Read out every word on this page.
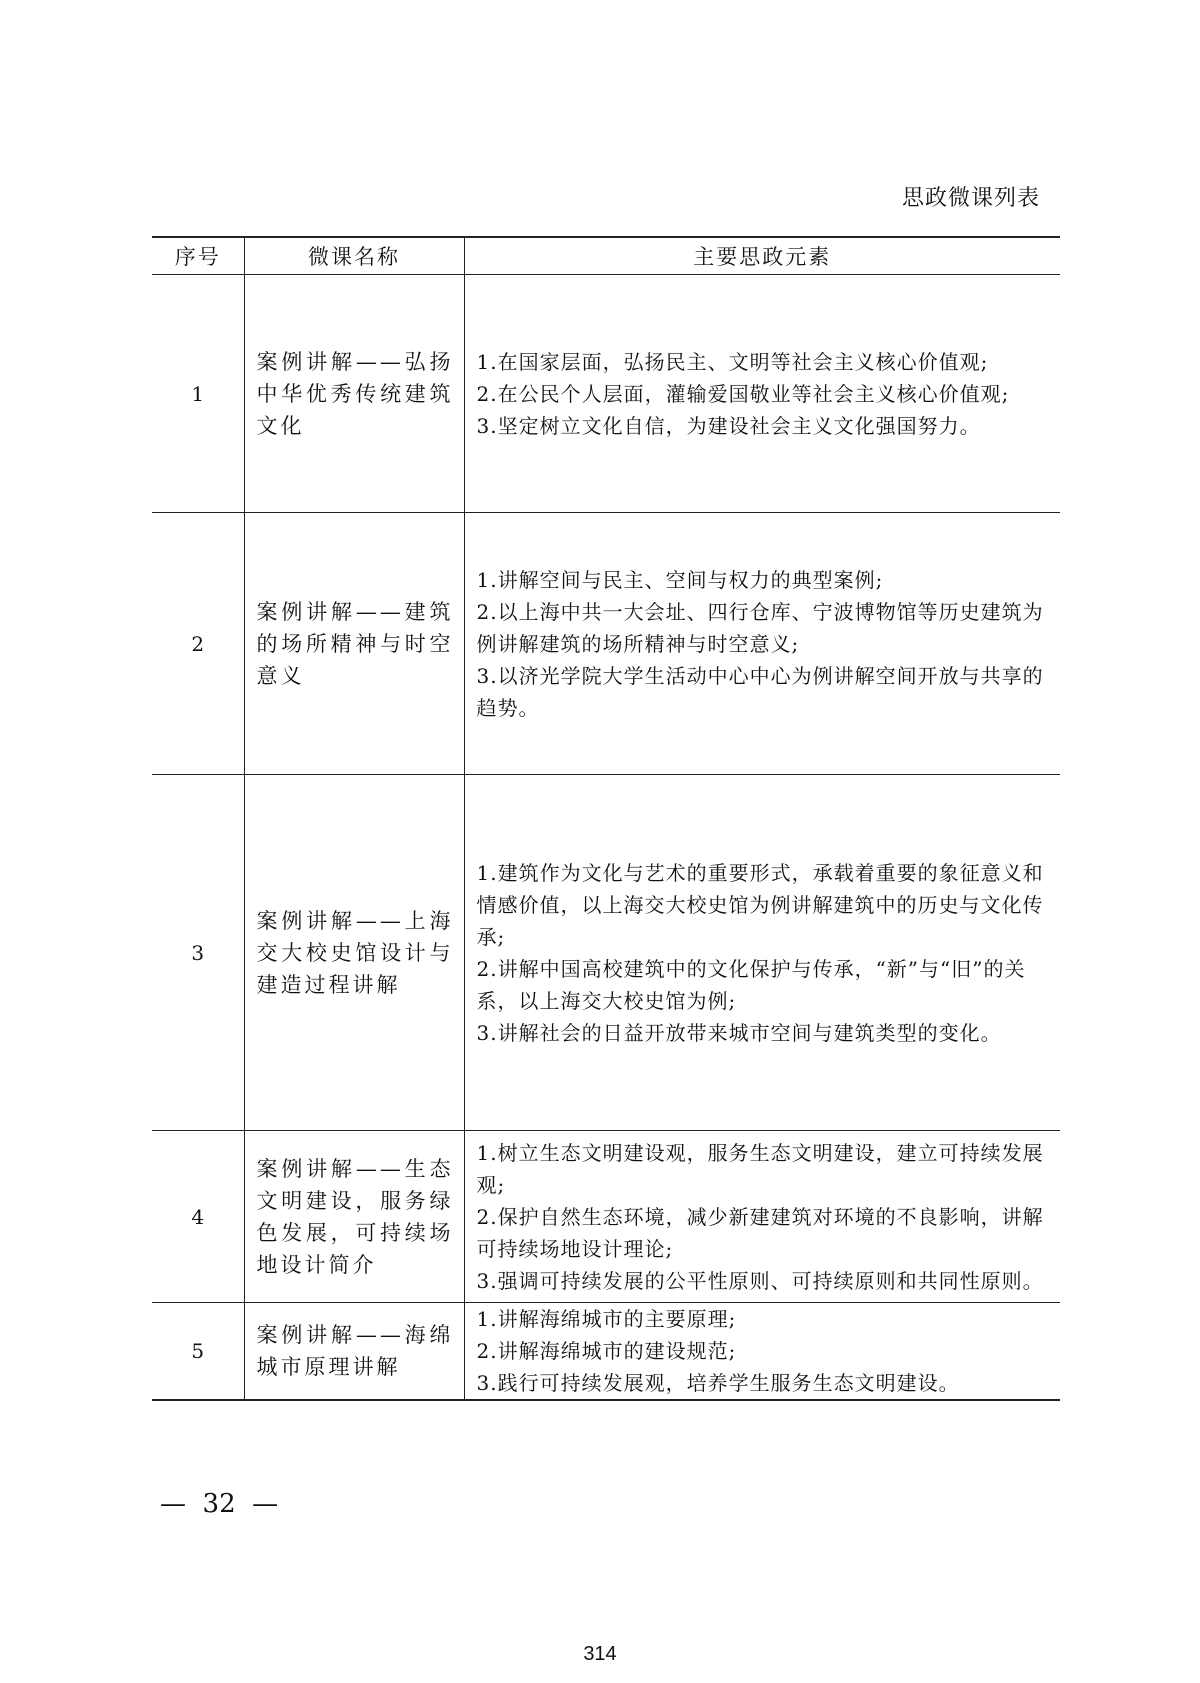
思政微课列表
序号	微课名称	主要思政元素
1	案例讲解——弘扬中华优秀传统建筑文化	1.在国家层面，弘扬民主、文明等社会主义核心价值观;
2.在公民个人层面，灌输爱国敬业等社会主义核心价值观;
3.坚定树立文化自信，为建设社会主义文化强国努力。

2	案例讲解——建筑的场所精神与时空意义	1.讲解空间与民主、空间与权力的典型案例;
2.以上海中共一大会址、四行仓库、宁波博物馆等历史建筑为例讲解建筑的场所精神与时空意义;
3.以济光学院大学生活动中心中心为例讲解空间开放与共享的趋势。

3	案例讲解——上海交大校史馆设计与建造过程讲解	1.建筑作为文化与艺术的重要形式，承载着重要的象征意义和情感价值，以上海交大校史馆为例讲解建筑中的历史与文化传承;
2.讲解中国高校建筑中的文化保护与传承，“新”与“旧”的关系，以上海交大校史馆为例;
3.讲解社会的日益开放带来城市空间与建筑类型的变化。

4	案例讲解——生态文明建设，服务绿色发展，可持续场地设计简介	1.树立生态文明建设观，服务生态文明建设，建立可持续发展观;
2.保护自然生态环境，减少新建建筑对环境的不良影响，讲解可持续场地设计理论;
3.强调可持续发展的公平性原则、可持续原则和共同性原则。

5	案例讲解——海绵城市原理讲解	1.讲解海绵城市的主要原理;
2.讲解海绵城市的建设规范;
3.践行可持续发展观，培养学生服务生态文明建设。
—  32  —
314
